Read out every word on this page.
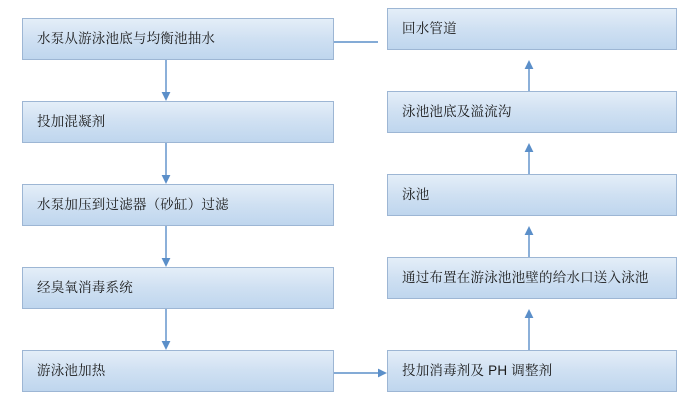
水泵从游泳池底与均衡池抽水
投加混凝剂
水泵加压到过滤器（砂缸）过滤
经臭氧消毒系统
游泳池加热	投加消毒剂及 PH 调整剂
通过布置在游泳池池壁的给水口送入泳池
泳池
泳池池底及溢流沟
回水管道
